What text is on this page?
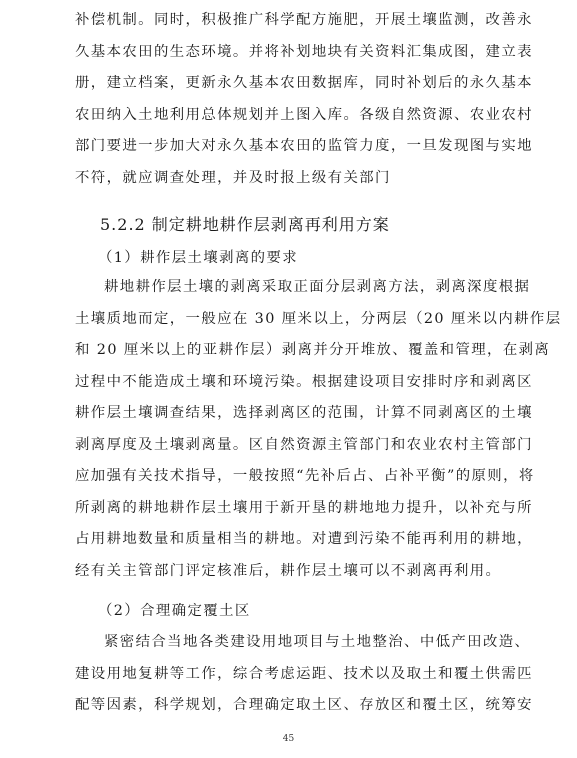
补偿机制。同时，积极推广科学配方施肥，开展土壤监测，改善永
久基本农田的生态环境。并将补划地块有关资料汇集成图，建立表
册，建立档案，更新永久基本农田数据库，同时补划后的永久基本
农田纳入土地利用总体规划并上图入库。各级自然资源、农业农村
部门要进一步加大对永久基本农田的监管力度，一旦发现图与实地
不符，就应调查处理，并及时报上级有关部门
5.2.2 制定耕地耕作层剥离再利用方案
（1）耕作层土壤剥离的要求
耕地耕作层土壤的剥离采取正面分层剥离方法，剥离深度根据
土壤质地而定，一般应在 30 厘米以上，分两层（20 厘米以内耕作层
和 20 厘米以上的亚耕作层）剥离并分开堆放、覆盖和管理，在剥离
过程中不能造成土壤和环境污染。根据建设项目安排时序和剥离区
耕作层土壤调查结果，选择剥离区的范围，计算不同剥离区的土壤
剥离厚度及土壤剥离量。区自然资源主管部门和农业农村主管部门
应加强有关技术指导，一般按照“先补后占、占补平衡”的原则，将
所剥离的耕地耕作层土壤用于新开垦的耕地地力提升，以补充与所
占用耕地数量和质量相当的耕地。对遭到污染不能再利用的耕地，
经有关主管部门评定核准后，耕作层土壤可以不剥离再利用。
（2）合理确定覆土区
紧密结合当地各类建设用地项目与土地整治、中低产田改造、
建设用地复耕等工作，综合考虑运距、技术以及取土和覆土供需匹
配等因素，科学规划，合理确定取土区、存放区和覆土区，统筹安
45
